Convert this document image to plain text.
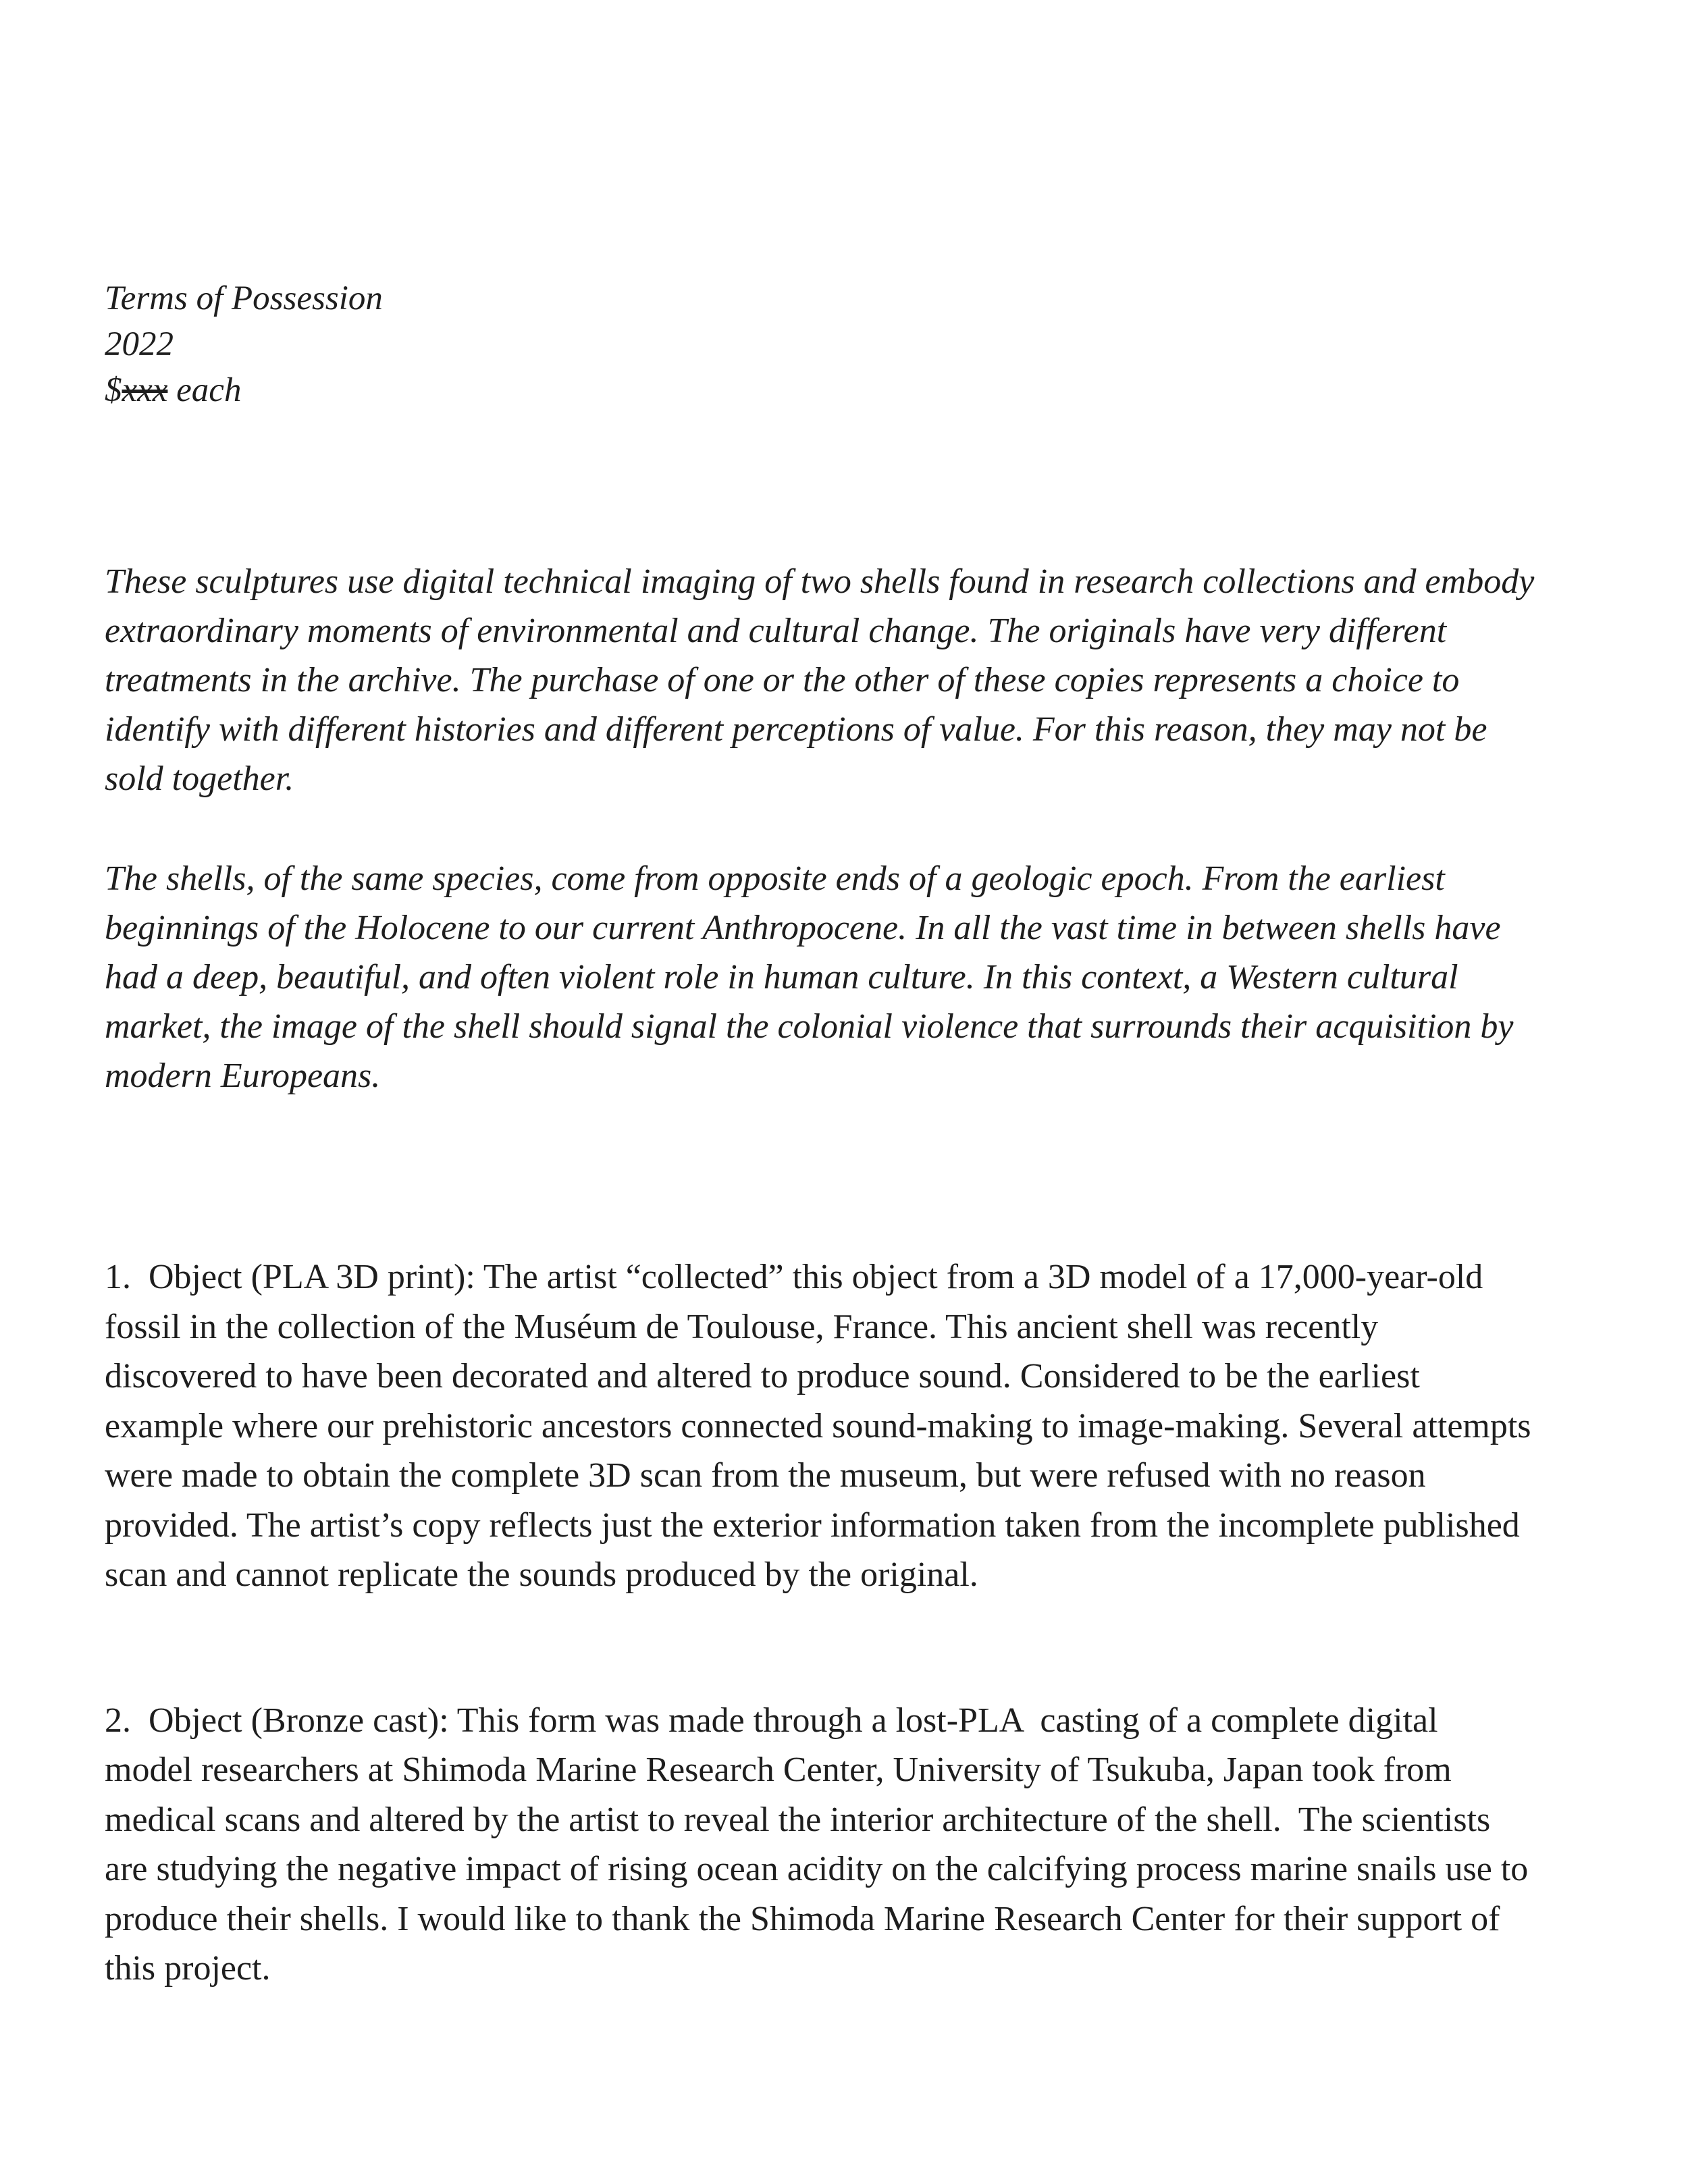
Terms of Possession
2022
$xxx each

These sculptures use digital technical imaging of two shells found in research collections and embody extraordinary moments of environmental and cultural change. The originals have very different treatments in the archive. The purchase of one or the other of these copies represents a choice to identify with different histories and different perceptions of value. For this reason, they may not be sold together.

The shells, of the same species, come from opposite ends of a geologic epoch. From the earliest beginnings of the Holocene to our current Anthropocene. In all the vast time in between shells have had a deep, beautiful, and often violent role in human culture. In this context, a Western cultural market, the image of the shell should signal the colonial violence that surrounds their acquisition by modern Europeans.

1.  Object (PLA 3D print): The artist “collected” this object from a 3D model of a 17,000-year-old fossil in the collection of the Muséum de Toulouse, France. This ancient shell was recently discovered to have been decorated and altered to produce sound. Considered to be the earliest example where our prehistoric ancestors connected sound-making to image-making. Several attempts were made to obtain the complete 3D scan from the museum, but were refused with no reason provided. The artist’s copy reflects just the exterior information taken from the incomplete published scan and cannot replicate the sounds produced by the original.

2.  Object (Bronze cast): This form was made through a lost-PLA  casting of a complete digital model researchers at Shimoda Marine Research Center, University of Tsukuba, Japan took from medical scans and altered by the artist to reveal the interior architecture of the shell.  The scientists are studying the negative impact of rising ocean acidity on the calcifying process marine snails use to produce their shells. I would like to thank the Shimoda Marine Research Center for their support of this project.
